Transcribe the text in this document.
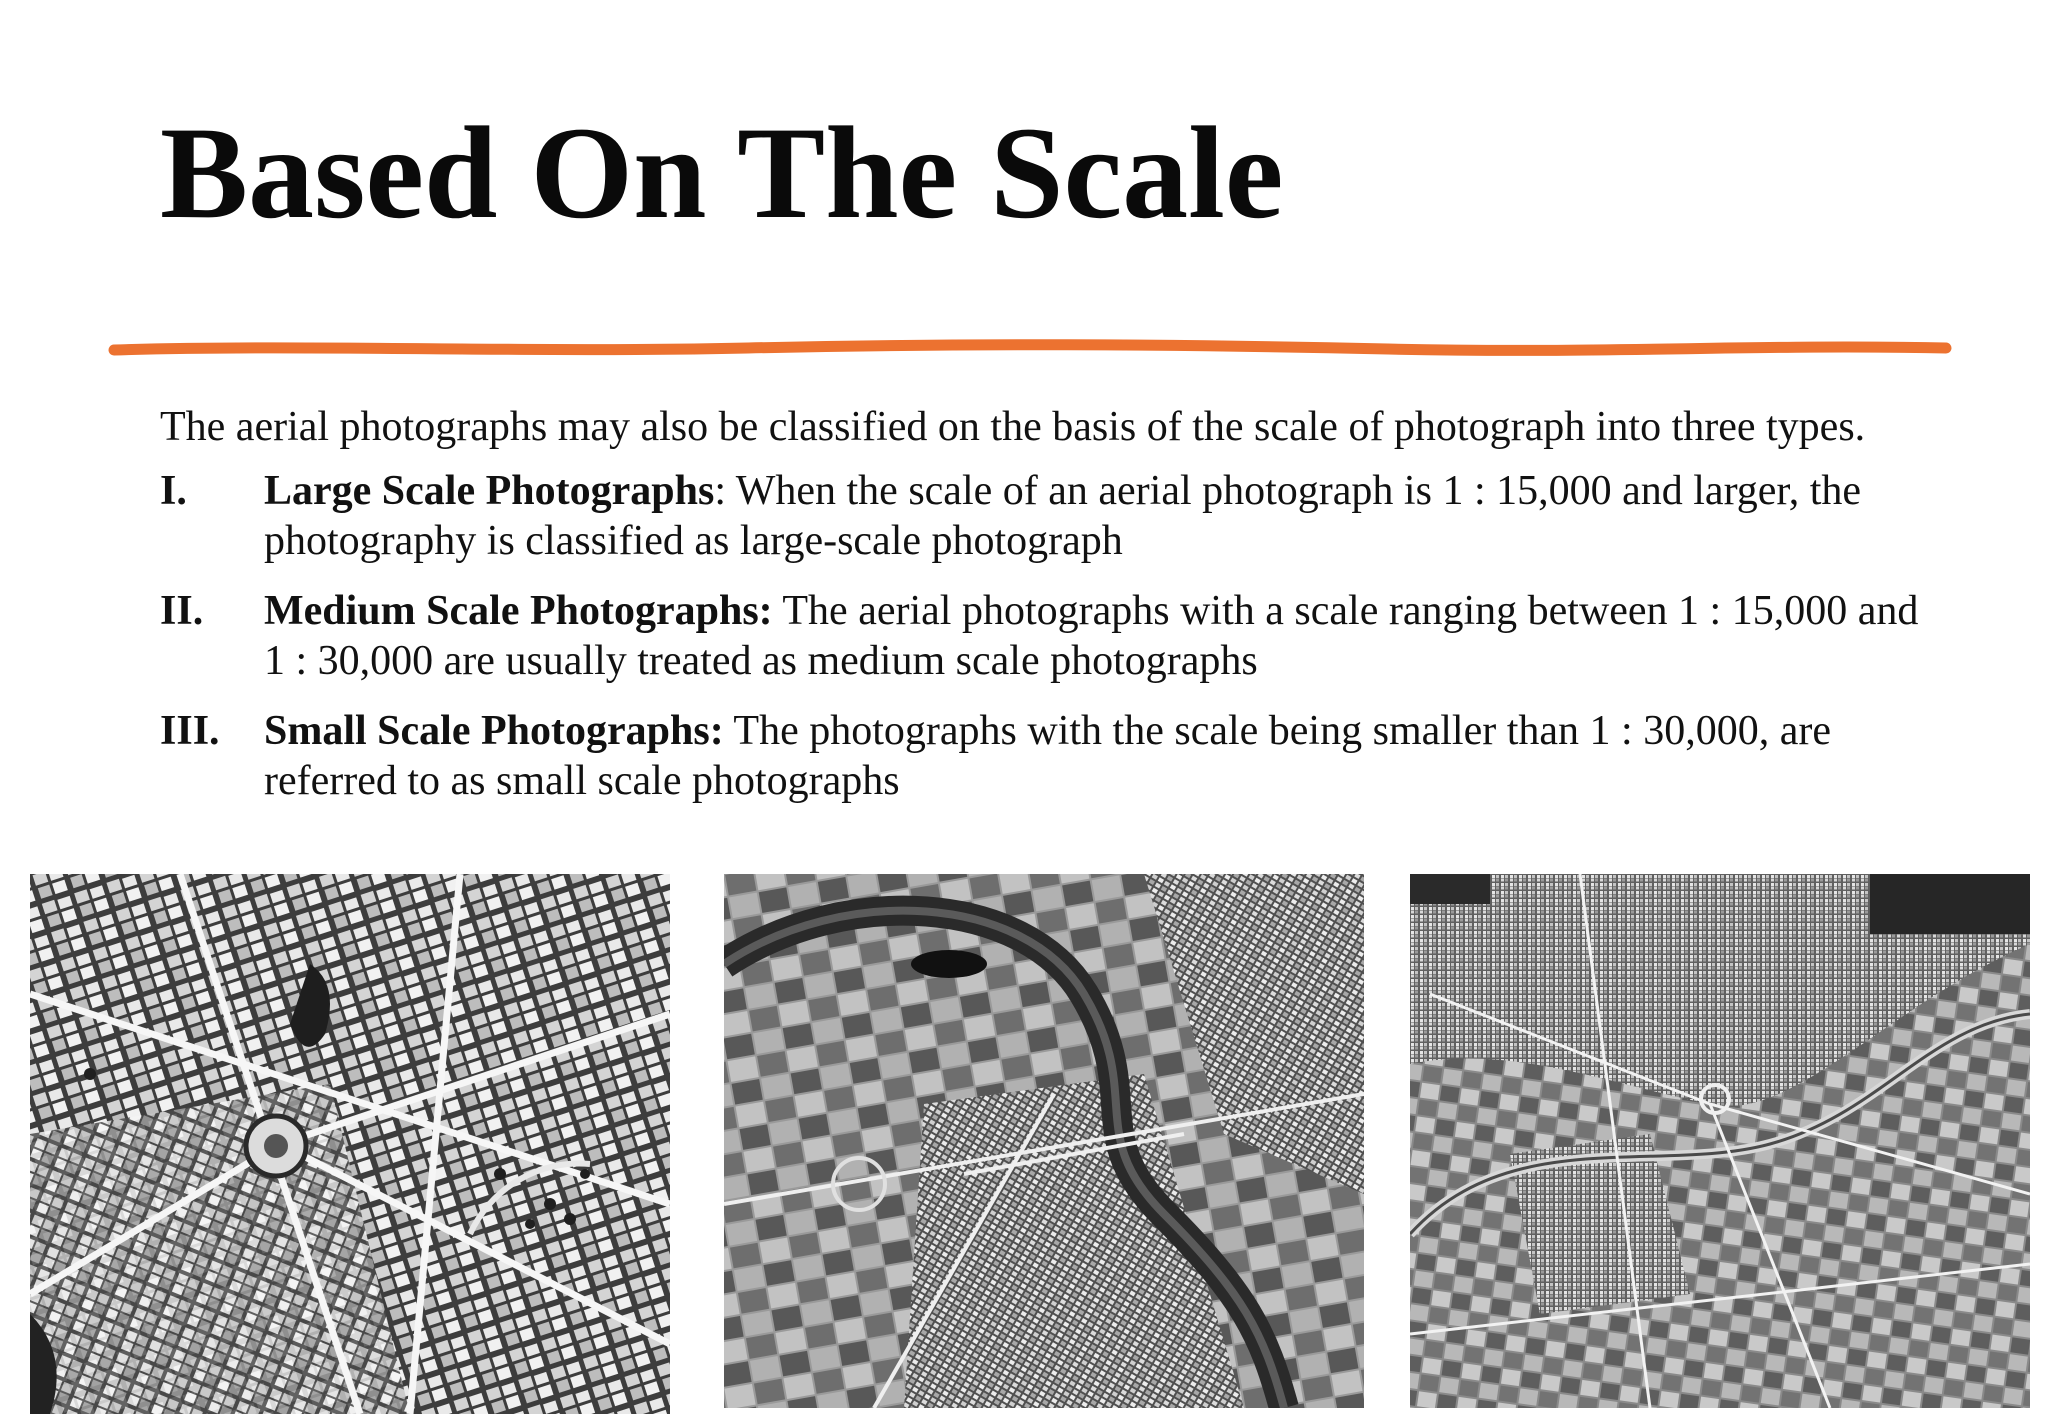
Based On The Scale

The aerial photographs may also be classified on the basis of the scale of photograph into three types.

I.	Large Scale Photographs: When the scale of an aerial photograph is 1 : 15,000 and larger, the photography is classified as large-scale photograph
II.	Medium Scale Photographs: The aerial photographs with a scale ranging between 1 : 15,000 and 1 : 30,000 are usually treated as medium scale photographs
III.	Small Scale Photographs: The photographs with the scale being smaller than 1 : 30,000, are referred to as small scale photographs
